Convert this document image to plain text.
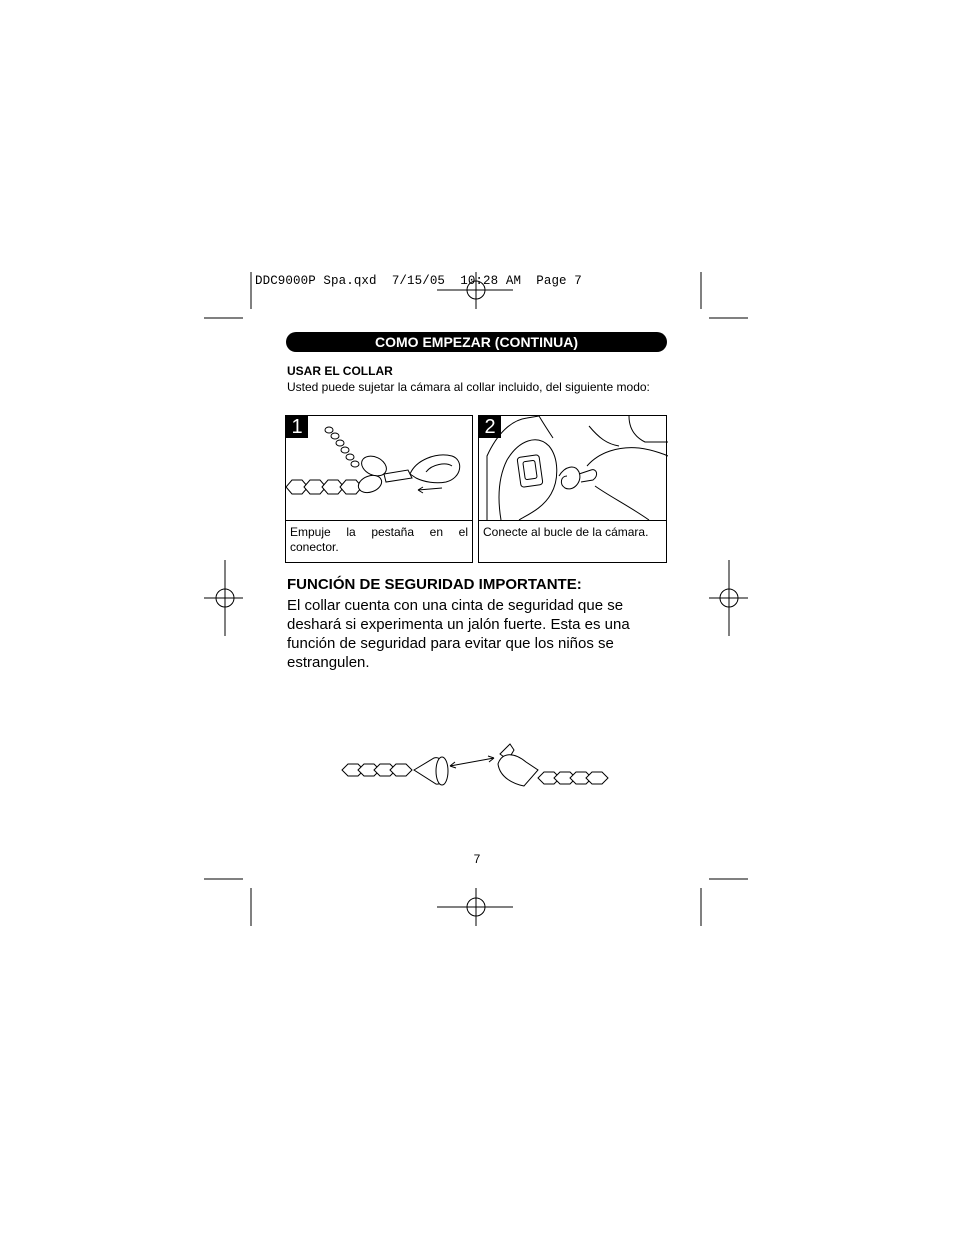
DDC9000P Spa.qxd  7/15/05  10:28 AM  Page 7
COMO EMPEZAR (CONTINUA)
USAR EL COLLAR
Usted puede sujetar la cámara al collar incluido, del siguiente modo:
1
Empuje la pestaña en el conector.
2
Conecte al bucle de la cámara.
FUNCIÓN DE SEGURIDAD IMPORTANTE:
El collar cuenta con una cinta de seguridad que se deshará si experimenta un jalón fuerte. Esta es una función de seguridad para evitar que los niños se estrangulen.
7
